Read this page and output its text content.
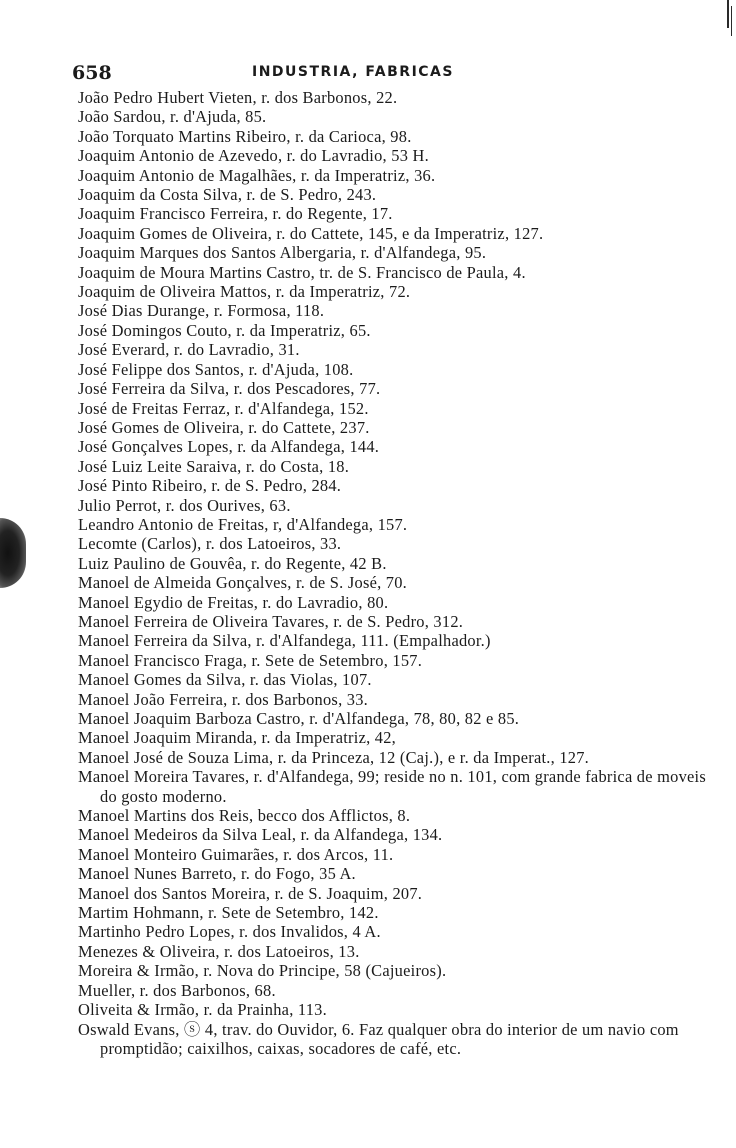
658	INDUSTRIA, FABRICAS
João Pedro Hubert Vieten, r. dos Barbonos, 22.
João Sardou, r. d'Ajuda, 85.
João Torquato Martins Ribeiro, r. da Carioca, 98.
Joaquim Antonio de Azevedo, r. do Lavradio, 53 H.
Joaquim Antonio de Magalhães, r. da Imperatriz, 36.
Joaquim da Costa Silva, r. de S. Pedro, 243.
Joaquim Francisco Ferreira, r. do Regente, 17.
Joaquim Gomes de Oliveira, r. do Cattete, 145, e da Imperatriz, 127.
Joaquim Marques dos Santos Albergaria, r. d'Alfandega, 95.
Joaquim de Moura Martins Castro, tr. de S. Francisco de Paula, 4.
Joaquim de Oliveira Mattos, r. da Imperatriz, 72.
José Dias Durange, r. Formosa, 118.
José Domingos Couto, r. da Imperatriz, 65.
José Everard, r. do Lavradio, 31.
José Felippe dos Santos, r. d'Ajuda, 108.
José Ferreira da Silva, r. dos Pescadores, 77.
José de Freitas Ferraz, r. d'Alfandega, 152.
José Gomes de Oliveira, r. do Cattete, 237.
José Gonçalves Lopes, r. da Alfandega, 144.
José Luiz Leite Saraiva, r. do Costa, 18.
José Pinto Ribeiro, r. de S. Pedro, 284.
Julio Perrot, r. dos Ourives, 63.
Leandro Antonio de Freitas, r, d'Alfandega, 157.
Lecomte (Carlos), r. dos Latoeiros, 33.
Luiz Paulino de Gouvêa, r. do Regente, 42 B.
Manoel de Almeida Gonçalves, r. de S. José, 70.
Manoel Egydio de Freitas, r. do Lavradio, 80.
Manoel Ferreira de Oliveira Tavares, r. de S. Pedro, 312.
Manoel Ferreira da Silva, r. d'Alfandega, 111. (Empalhador.)
Manoel Francisco Fraga, r. Sete de Setembro, 157.
Manoel Gomes da Silva, r. das Violas, 107.
Manoel João Ferreira, r. dos Barbonos, 33.
Manoel Joaquim Barboza Castro, r. d'Alfandega, 78, 80, 82 e 85.
Manoel Joaquim Miranda, r. da Imperatriz, 42,
Manoel José de Souza Lima, r. da Princeza, 12 (Caj.), e r. da Imperat., 127.
Manoel Moreira Tavares, r. d'Alfandega, 99; reside no n. 101, com grande fabrica de moveis do gosto moderno.
Manoel Martins dos Reis, becco dos Afflictos, 8.
Manoel Medeiros da Silva Leal, r. da Alfandega, 134.
Manoel Monteiro Guimarães, r. dos Arcos, 11.
Manoel Nunes Barreto, r. do Fogo, 35 A.
Manoel dos Santos Moreira, r. de S. Joaquim, 207.
Martim Hohmann, r. Sete de Setembro, 142.
Martinho Pedro Lopes, r. dos Invalidos, 4 A.
Menezes & Oliveira, r. dos Latoeiros, 13.
Moreira & Irmão, r. Nova do Principe, 58 (Cajueiros).
Mueller, r. dos Barbonos, 68.
Oliveita & Irmão, r. da Prainha, 113.
Oswald Evans, ⓢ 4, trav. do Ouvidor, 6. Faz qualquer obra do interior de um navio com promptidão; caixilhos, caixas, socadores de café, etc.
